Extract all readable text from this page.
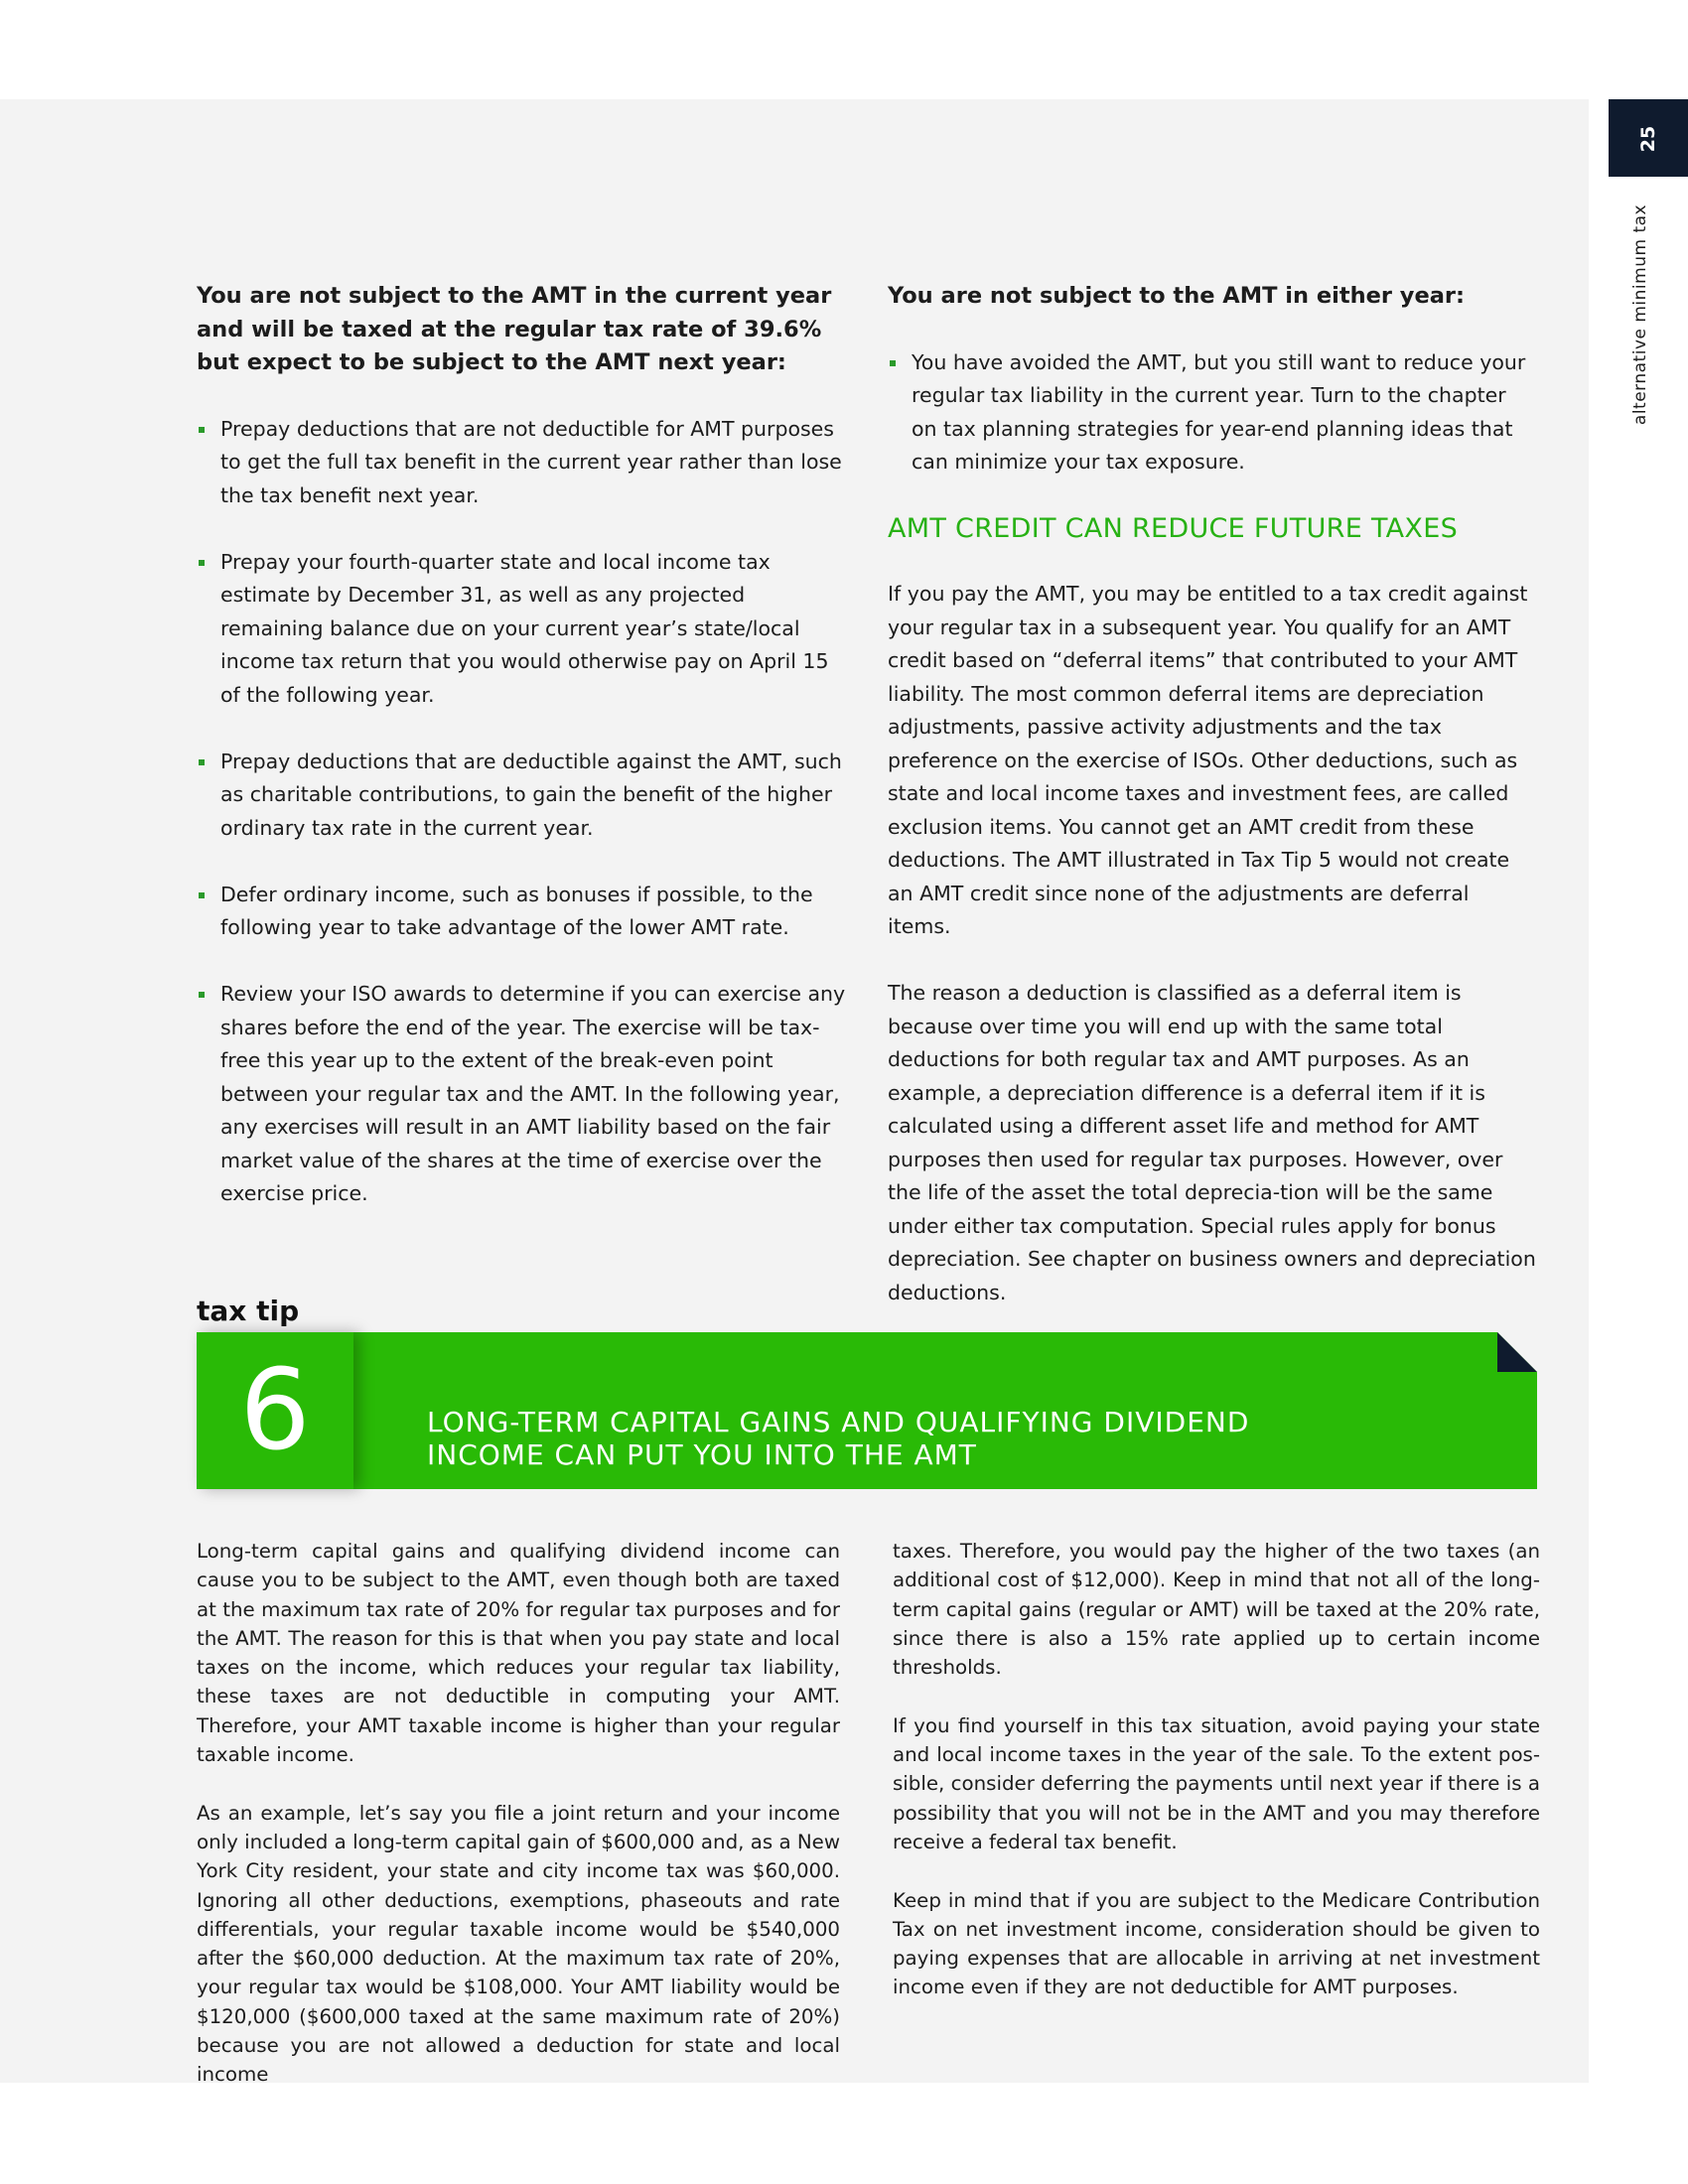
25
alternative minimum tax

You are not subject to the AMT in the current year and will be taxed at the regular tax rate of 39.6% but expect to be subject to the AMT next year:

Prepay deductions that are not deductible for AMT purposes to get the full tax benefit in the current year rather than lose the tax benefit next year.
Prepay your fourth-quarter state and local income tax estimate by December 31, as well as any projected remaining balance due on your current year’s state/local income tax return that you would otherwise pay on April 15 of the following year.
Prepay deductions that are deductible against the AMT, such as charitable contributions, to gain the benefit of the higher ordinary tax rate in the current year.
Defer ordinary income, such as bonuses if possible, to the following year to take advantage of the lower AMT rate.
Review your ISO awards to determine if you can exercise any shares before the end of the year. The exercise will be tax-free this year up to the extent of the break-even point between your regular tax and the AMT. In the following year, any exercises will result in an AMT liability based on the fair market value of the shares at the time of exercise over the exercise price.

You are not subject to the AMT in either year:

You have avoided the AMT, but you still want to reduce your regular tax liability in the current year. Turn to the chapter on tax planning strategies for year-end planning ideas that can minimize your tax exposure.
AMT CREDIT CAN REDUCE FUTURE TAXES

If you pay the AMT, you may be entitled to a tax credit against your regular tax in a subsequent year. You qualify for an AMT credit based on “deferral items” that contributed to your AMT liability. The most common deferral items are depreciation adjustments, passive activity adjustments and the tax preference on the exercise of ISOs. Other deductions, such as state and local income taxes and investment fees, are called exclusion items. You cannot get an AMT credit from these deductions. The AMT illustrated in Tax Tip 5 would not create an AMT credit since none of the adjustments are deferral items.

The reason a deduction is classified as a deferral item is because over time you will end up with the same total deductions for both regular tax and AMT purposes. As an example, a depreciation difference is a deferral item if it is calculated using a different asset life and method for AMT purposes then used for regular tax purposes. However, over the life of the asset the total deprecia-tion will be the same under either tax computation. Special rules apply for bonus depreciation. See chapter on business owners and depreciation deductions.

tax tip
6	LONG-TERM CAPITAL GAINS AND QUALIFYING DIVIDEND
INCOME CAN PUT YOU INTO THE AMT

Long-term capital gains and qualifying dividend income can cause you to be subject to the AMT, even though both are taxed at the maximum tax rate of 20% for regular tax purposes and for the AMT. The reason for this is that when you pay state and local taxes on the income, which reduces your regular tax liability, these taxes are not deductible in computing your AMT. Therefore, your AMT taxable income is higher than your regular taxable income.

As an example, let’s say you file a joint return and your income only included a long-term capital gain of $600,000 and, as a New York City resident, your state and city income tax was $60,000. Ignoring all other deductions, exemptions, phaseouts and rate differentials, your regular taxable income would be $540,000 after the $60,000 deduction. At the maximum tax rate of 20%, your regular tax would be $108,000. Your AMT liability would be $120,000 ($600,000 taxed at the same maximum rate of 20%) because you are not allowed a deduction for state and local income

taxes. Therefore, you would pay the higher of the two taxes (an additional cost of $12,000). Keep in mind that not all of the long-term capital gains (regular or AMT) will be taxed at the 20% rate, since there is also a 15% rate applied up to certain income thresholds.

If you find yourself in this tax situation, avoid paying your state and local income taxes in the year of the sale. To the extent pos-sible, consider deferring the payments until next year if there is a possibility that you will not be in the AMT and you may therefore receive a federal tax benefit.

Keep in mind that if you are subject to the Medicare Contribution Tax on net investment income, consideration should be given to paying expenses that are allocable in arriving at net investment income even if they are not deductible for AMT purposes.
